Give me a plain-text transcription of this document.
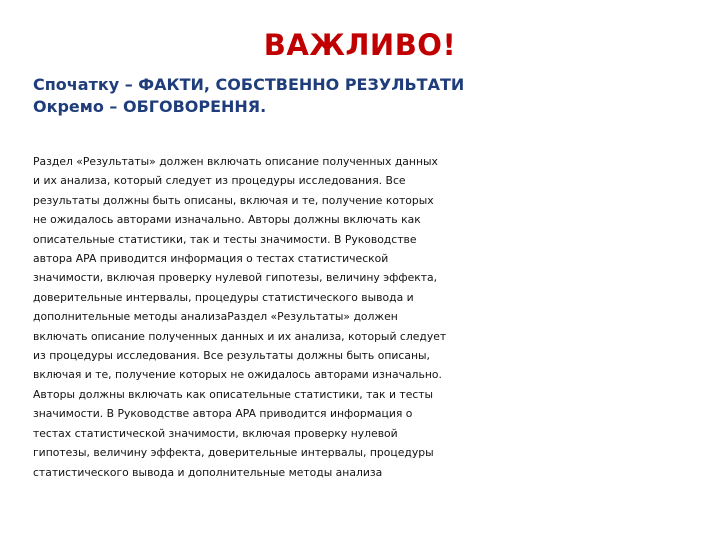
ВАЖЛИВО!
Спочатку – ФАКТИ, СОБСТВЕННО РЕЗУЛЬТАТИ
Окремо – ОБГОВОРЕННЯ.
Раздел «Результаты» должен включать описание полученных данных
и их анализа, который следует из процедуры исследования. Все
результаты должны быть описаны, включая и те, получение которых
не ожидалось авторами изначально. Авторы должны включать как
описательные статистики, так и тесты значимости. В Руководстве
автора APA приводится информация о тестах статистической
значимости, включая проверку нулевой гипотезы, величину эффекта,
доверительные интервалы, процедуры статистического вывода и
дополнительные методы анализаРаздел «Результаты» должен
включать описание полученных данных и их анализа, который следует
из процедуры исследования. Все результаты должны быть описаны,
включая и те, получение которых не ожидалось авторами изначально.
Авторы должны включать как описательные статистики, так и тесты
значимости. В Руководстве автора APA приводится информация о
тестах статистической значимости, включая проверку нулевой
гипотезы, величину эффекта, доверительные интервалы, процедуры
статистического вывода и дополнительные методы анализа
